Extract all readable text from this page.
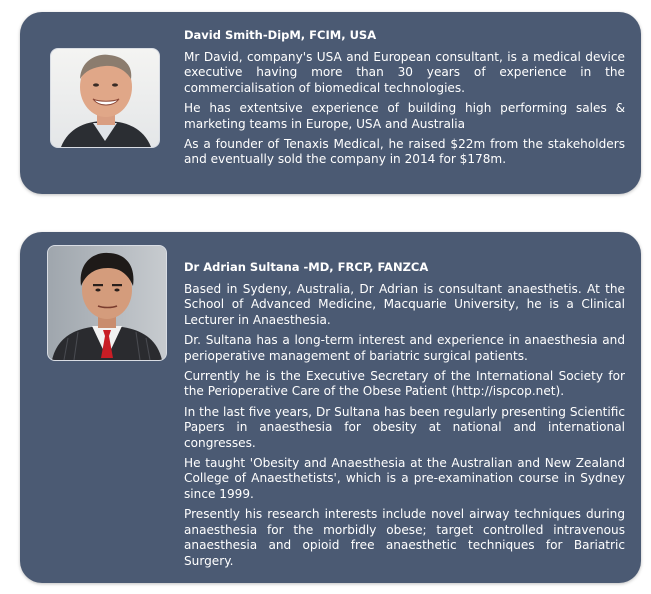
David Smith-DipM, FCIM, USA

Mr David, company's USA and European consultant, is a medical device executive having more than 30 years of experience in the commercialisation of biomedical technologies.

He has extentsive experience of building high performing sales & marketing teams in Europe, USA and Australia

As a founder of Tenaxis Medical, he raised $22m from the stakeholders and eventually sold the company in 2014 for $178m.

Dr Adrian Sultana -MD, FRCP, FANZCA

Based in Sydeny, Australia, Dr Adrian is consultant anaesthetis. At the School of Advanced Medicine, Macquarie University, he is a Clinical Lecturer in Anaesthesia.

Dr. Sultana has a long-term interest and experience in anaesthesia and perioperative management of bariatric surgical patients.

Currently he is the Executive Secretary of the International Society for the Perioperative Care of the Obese Patient (http://ispcop.net).

In the last five years, Dr Sultana has been regularly presenting Scientific Papers in anaesthesia for obesity at national and international congresses.

He taught 'Obesity and Anaesthesia at the Australian and New Zealand College of Anaesthetists', which is a pre-examination course in Sydney since 1999.

Presently his research interests include novel airway techniques during anaesthesia for the morbidly obese; target controlled intravenous anaesthesia and opioid free anaesthetic techniques for Bariatric Surgery.
